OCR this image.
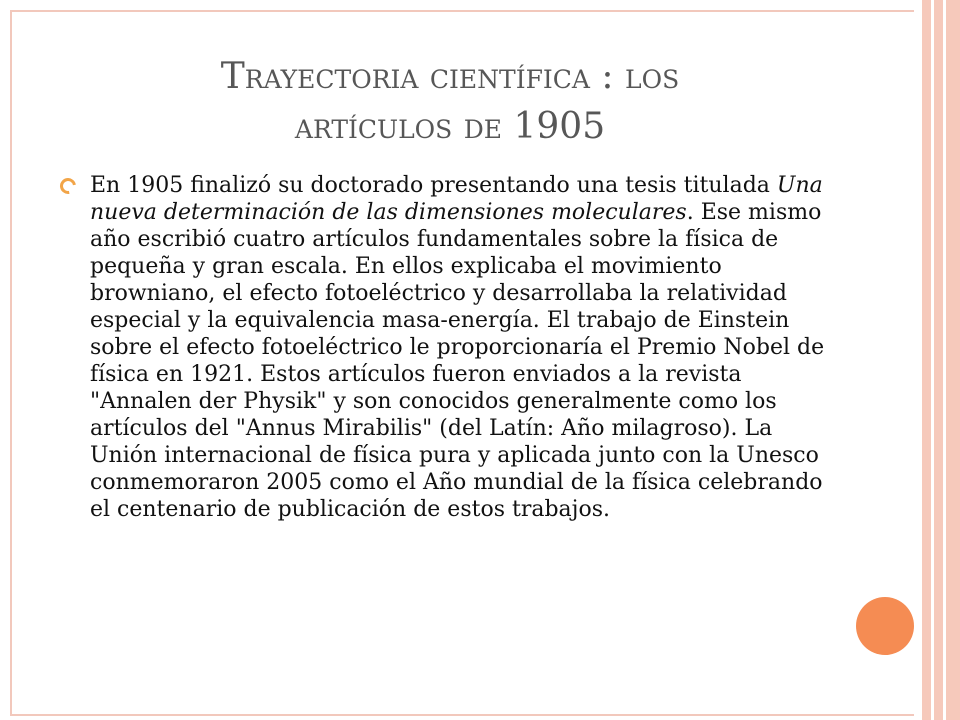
Trayectoria científica : los
artículos de 1905
En 1905 finalizó su doctorado presentando una tesis titulada Una nueva determinación de las dimensiones moleculares. Ese mismo año escribió cuatro artículos fundamentales sobre la física de pequeña y gran escala. En ellos explicaba el movimiento browniano, el efecto fotoeléctrico y desarrollaba la relatividad especial y la equivalencia masa-energía. El trabajo de Einstein sobre el efecto fotoeléctrico le proporcionaría el Premio Nobel de física en 1921. Estos artículos fueron enviados a la revista "Annalen der Physik" y son conocidos generalmente como los artículos del "Annus Mirabilis" (del Latín: Año milagroso). La Unión internacional de física pura y aplicada junto con la Unesco conmemoraron 2005 como el Año mundial de la física celebrando el centenario de publicación de estos trabajos.
